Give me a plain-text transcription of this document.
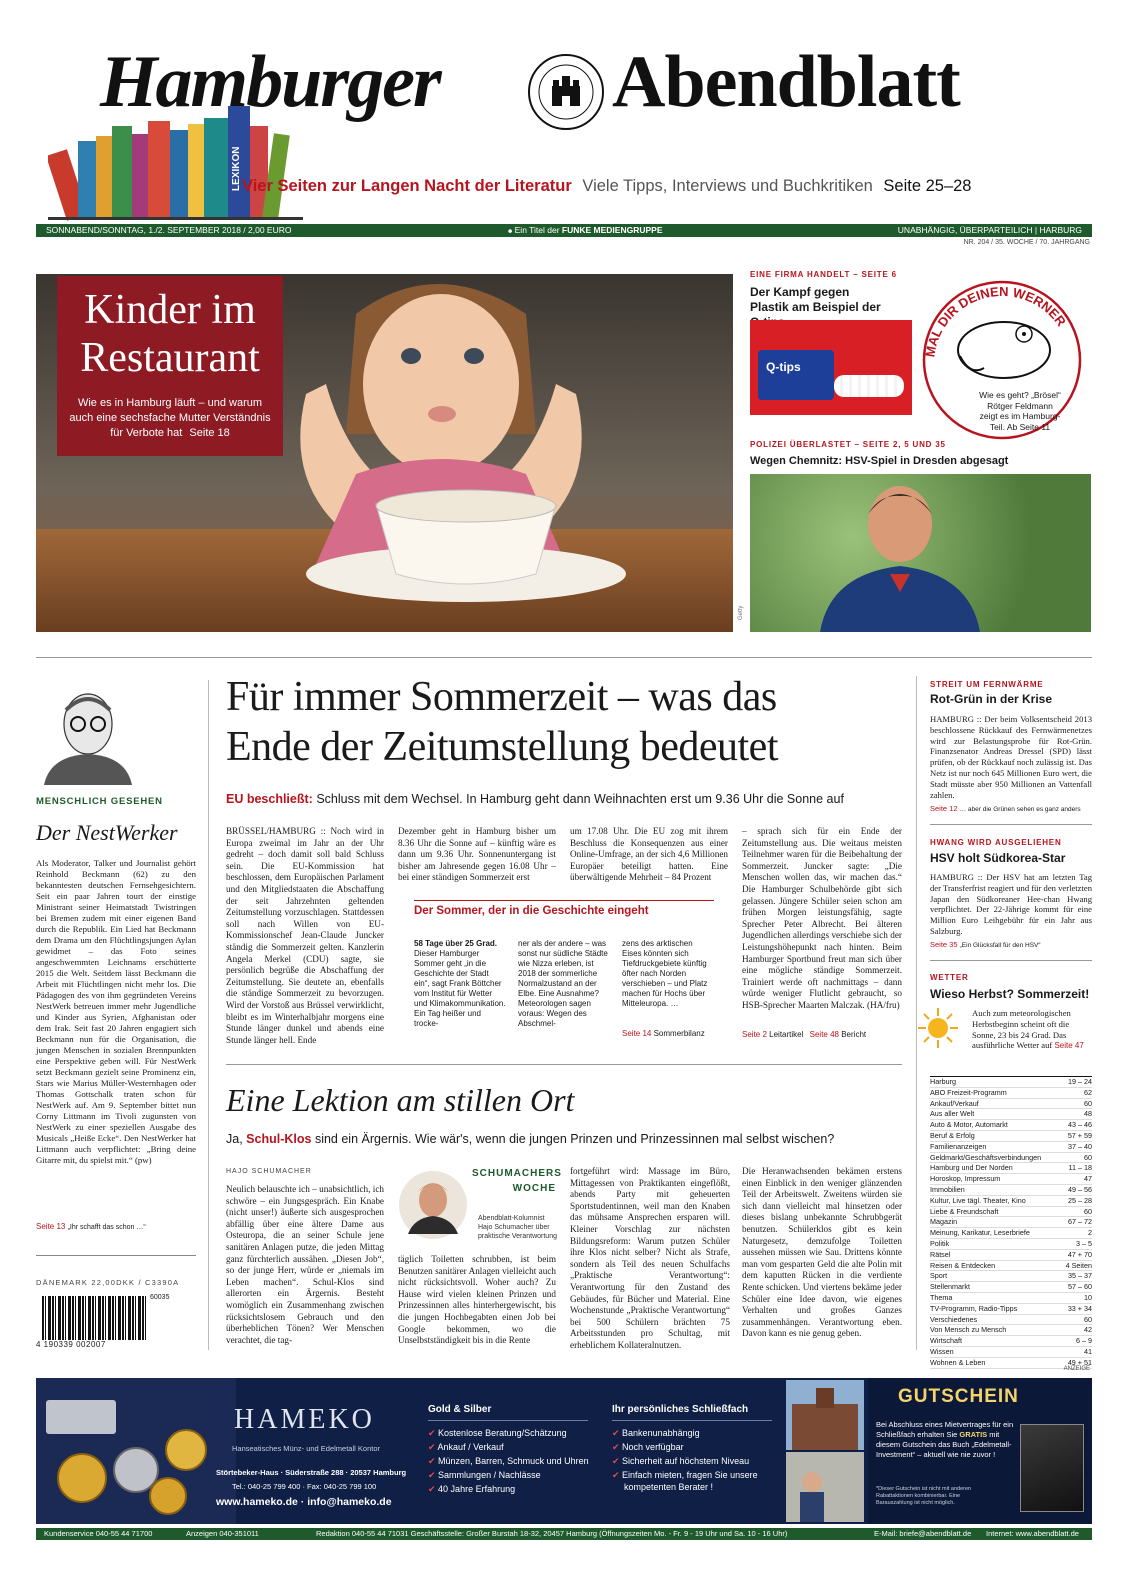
LEXIKON
Hamburger Abendblatt
Vier Seiten zur Langen Nacht der Literatur Viele Tipps, Interviews und Buchkritiken Seite 25–28
SONNABEND/SONNTAG, 1./2. SEPTEMBER 2018 / 2,00 EURO	⦁ Ein Titel der FUNKE MEDIENGRUPPE	UNABHÄNGIG, ÜBERPARTEILICH | HARBURG
NR. 204 / 35. WOCHE / 70. JAHRGANG
Kinder im
Restaurant
Wie es in Hamburg läuft – und warum auch eine sechsfache Mutter Verständnis für Verbote hat Seite 18
Getty
EINE FIRMA HANDELT – SEITE 6
Der Kampf gegen Plastik am Beispiel der
Q-tips
MAL DIR DEINEN WERNER
Wie es geht? „Brösel“ Rötger Feldmann zeigt es im Hamburg-Teil. Ab Seite 11
POLIZEI ÜBERLASTET – SEITE 2, 5 UND 35
Wegen Chemnitz: HSV-Spiel in Dresden abgesagt
MENSCHLICH GESEHEN
Der NestWerker
Als Moderator, Talker und Journalist gehört Reinhold Beckmann (62) zu den bekanntesten deutschen Fernsehgesichtern. Seit ein paar Jahren tourt der einstige Ministrant seiner Heimatstadt Twistringen bei Bremen zudem mit einer eigenen Band durch die Republik. Ein Lied hat Beckmann dem Drama um den Flüchtlingsjungen Aylan gewidmet – das Foto seines angeschwemmten Leichnams erschütterte 2015 die Welt. Seitdem lässt Beckmann die Arbeit mit Flüchtlingen nicht mehr los. Die Pädagogen des von ihm gegründeten Vereins NestWerk betreuen immer mehr Jugendliche und Kinder aus Syrien, Afghanistan oder dem Irak. Seit fast 20 Jahren engagiert sich Beckmann nun für die Organisation, die jungen Menschen in sozialen Brennpunkten eine Perspektive geben will. Für NestWerk setzt Beckmann gezielt seine Prominenz ein, Stars wie Marius Müller-Westernhagen oder Thomas Gottschalk traten schon für NestWerk auf. Am 9. September bittet nun Corny Littmann im Tivoli zugunsten von NestWerk zu einer speziellen Ausgabe des Musicals „Heiße Ecke“. Den NestWerker hat Littmann auch verpflichtet: „Bring deine Gitarre mit, du spielst mit.“ (pw)
Seite 13 „Ihr schafft das schon …“
DÄNEMARK 22,00DKK / C3390A
60035
4 190339 002007
Für immer Sommerzeit – was das
Ende der Zeitumstellung bedeutet
EU beschließt: Schluss mit dem Wechsel. In Hamburg geht dann Weihnachten erst um 9.36 Uhr die Sonne auf
BRÜSSEL/HAMBURG :: Noch wird in Europa zweimal im Jahr an der Uhr gedreht – doch damit soll bald Schluss sein. Die EU-Kommission hat beschlossen, dem Europäischen Parlament und den Mitgliedstaaten die Abschaffung der seit Jahrzehnten geltenden Zeitumstellung vorzuschlagen. Stattdessen soll nach Willen von EU-Kommissionschef Jean-Claude Juncker ständig die Sommerzeit gelten. Kanzlerin Angela Merkel (CDU) sagte, sie persönlich begrüße die Abschaffung der Zeitumstellung. Sie deutete an, ebenfalls die ständige Sommerzeit zu bevorzugen. Wird der Vorstoß aus Brüssel verwirklicht, bleibt es im Winterhalbjahr morgens eine Stunde länger dunkel und abends eine Stunde länger hell. Ende
Dezember geht in Hamburg bisher um 8.36 Uhr die Sonne auf – künftig wäre es dann um 9.36 Uhr. Sonnenuntergang ist bisher am Jahresende gegen 16.08 Uhr – bei einer ständigen Sommerzeit erst
um 17.08 Uhr. Die EU zog mit ihrem Beschluss die Konsequenzen aus einer Online-Umfrage, an der sich 4,6 Millionen Europäer beteiligt hatten. Eine überwältigende Mehrheit – 84 Prozent
– sprach sich für ein Ende der Zeitumstellung aus. Die weitaus meisten Teilnehmer waren für die Beibehaltung der Sommerzeit. Juncker sagte: „Die Menschen wollen das, wir machen das.“ Die Hamburger Schulbehörde gibt sich gelassen. Jüngere Schüler seien schon am frühen Morgen leistungsfähig, sagte Sprecher Peter Albrecht. Bei älteren Jugendlichen allerdings verschiebe sich der Leistungshöhepunkt nach hinten. Beim Hamburger Sportbund freut man sich über eine mögliche ständige Sommerzeit. Trainiert werde oft nachmittags – dann würde weniger Flutlicht gebraucht, so HSB-Sprecher Maarten Malczak. (HA/fru)
Der Sommer, der in die Geschichte eingeht
58 Tage über 25 Grad. Dieser Hamburger Sommer geht „in die Geschichte der Stadt ein“, sagt Frank Böttcher vom Institut für Wetter und Klimakommunikation. Ein Tag heißer und trocke-
ner als der andere – was sonst nur südliche Städte wie Nizza erleben, ist 2018 der sommerliche Normalzustand an der Elbe. Eine Ausnahme? Meteorologen sagen voraus: Wegen des Abschmel-
zens des arktischen Eises könnten sich Tiefdruckgebiete künftig öfter nach Norden verschieben – und Platz machen für Hochs über Mitteleuropa. …
Seite 14 Sommerbilanz	Seite 2 Leitartikel Seite 48 Bericht
Eine Lektion am stillen Ort
Ja, Schul-Klos sind ein Ärgernis. Wie wär's, wenn die jungen Prinzen und Prinzessinnen mal selbst wischen?
HAJO SCHUMACHER
Neulich belauschte ich – unabsichtlich, ich schwöre – ein Jungsgespräch. Ein Knabe (nicht unser!) äußerte sich ausgesprochen abfällig über eine ältere Dame aus Osteuropa, die an seiner Schule jene sanitären Anlagen putze, die jeden Mittag ganz fürchterlich aussähen. „Diesen Job“, so der junge Herr, würde er „niemals im Leben machen“. Schul-Klos sind allerorten ein Ärgernis. Besteht womöglich ein Zusammenhang zwischen rücksichtslosem Gebrauch und den überheblichen Tönen? Wer Menschen verachtet, die tag-
SCHUMACHERS
WOCHE
Abendblatt-Kolumnist Hajo Schumacher über praktische Verantwortung
täglich Toiletten schrubben, ist beim Benutzen sanitärer Anlagen vielleicht auch nicht rücksichtsvoll. Woher auch? Zu Hause wird vielen kleinen Prinzen und Prinzessinnen alles hinterhergewischt, bis die jungen Hochbegabten einen Job bei Google bekommen, wo die Unselbstständigkeit bis in die Rente
fortgeführt wird: Massage im Büro, Mittagessen von Praktikanten eingeflößt, abends Party mit geheuerten Sportstudentinnen, weil man den Knaben das mühsame Ansprechen ersparen will. Kleiner Vorschlag zur nächsten Bildungsreform: Warum putzen Schüler ihre Klos nicht selber? Nicht als Strafe, sondern als Teil des neuen Schulfachs „Praktische Verantwortung“: Verantwortung für den Zustand des Gebäudes, für Bücher und Material. Eine Wochenstunde „Praktische Verantwortung“ bei 500 Schülern brächten 75 Arbeitsstunden pro Schultag, mit erheblichem Kollateralnutzen.
Die Heranwachsenden bekämen erstens einen Einblick in den weniger glänzenden Teil der Arbeitswelt. Zweitens würden sie sich dann vielleicht mal hinsetzen oder dieses bislang unbekannte Schrubbgerät benutzen. Schülerklos gibt es kein Naturgesetz, demzufolge Toiletten aussehen müssen wie Sau. Drittens könnte man vom gesparten Geld die alte Polin mit dem kaputten Rücken in die verdiente Rente schicken. Und viertens bekäme jeder Schüler eine Idee davon, wie eigenes Verhalten und großes Ganzes zusammenhängen. Verantwortung eben. Davon kann es nie genug geben.
STREIT UM FERNWÄRME
Rot-Grün in der Krise
HAMBURG :: Der beim Volksentscheid 2013 beschlossene Rückkauf des Fernwärmenetzes wird zur Belastungsprobe für Rot-Grün. Finanzsenator Andreas Dressel (SPD) lässt prüfen, ob der Rückkauf noch zulässig ist. Das Netz ist nur noch 645 Millionen Euro wert, die Stadt müsste aber 950 Millionen an Vattenfall zahlen.
Seite 12 … aber die Grünen sehen es ganz anders
HWANG WIRD AUSGELIEHEN
HSV holt Südkorea-Star
HAMBURG :: Der HSV hat am letzten Tag der Transferfrist reagiert und für den verletzten Japan den Südkoreaner Hee-chan Hwang verpflichtet. Der 22-Jährige kommt für eine Million Euro Leihgebühr für ein Jahr aus Salzburg.
Seite 35 „Ein Glücksfall für den HSV“
WETTER
Wieso Herbst? Sommerzeit!
Auch zum meteorologischen Herbstbeginn scheint oft die Sonne, 23 bis 24 Grad. Das ausführliche Wetter auf Seite 47
Harburg	19 – 24
ABO Freizeit-Programm	62
Ankauf/Verkauf	60
Aus aller Welt	48
Auto & Motor, Automarkt	43 – 46
Beruf & Erfolg	57 + 59
Familienanzeigen	37 – 40
Geldmarkt/Geschäftsverbindungen	60
Hamburg und Der Norden	11 – 18
Horoskop, Impressum	47
Immobilien	49 – 56
Kultur, Live tägl. Theater, Kino	25 – 28
Liebe & Freundschaft	60
Magazin	67 – 72
Meinung, Karikatur, Leserbriefe	2
Politik	3 – 5
Rätsel	47 + 70
Reisen & Entdecken	4 Seiten
Sport	35 – 37
Stellenmarkt	57 – 60
Thema	10
TV-Programm, Radio-Tipps	33 + 34
Verschiedenes	60
Von Mensch zu Mensch	42
Wirtschaft	6 – 9
Wissen	41
Wohnen & Leben	49 + 51
ANZEIGE
HAMEKO
Hanseatisches Münz- und Edelmetall Kontor
Störtebeker-Haus · Süderstraße 288 · 20537 Hamburg
Tel.: 040-25 799 400 · Fax: 040-25 799 100
www.hameko.de · info@hameko.de
Gold & Silber
✔ Kostenlose Beratung/Schätzung
✔ Ankauf / Verkauf
✔ Münzen, Barren, Schmuck und Uhren
✔ Sammlungen / Nachlässe
✔ 40 Jahre Erfahrung
Ihr persönliches Schließfach
✔ Bankenunabhängig
✔ Noch verfügbar
✔ Sicherheit auf höchstem Niveau
✔ Einfach mieten, fragen Sie unsere
kompetenten Berater !
GUTSCHEIN
Bei Abschluss eines Mietvertrages für ein Schließfach erhalten Sie GRATIS mit diesem Gutschein das Buch „Edelmetall-Investment“ – aktuell wie nie zuvor !
*Dieser Gutschein ist nicht mit anderen Rabattaktionen kombinierbar. Eine Barauszahlung ist nicht möglich.
Kundenservice 040-55 44 71700	Anzeigen 040-351011	Redaktion 040-55 44 71031 Geschäftsstelle: Großer Burstah 18-32, 20457 Hamburg (Öffnungszeiten Mo. - Fr. 9 - 19 Uhr und Sa. 10 - 16 Uhr)	E-Mail: briefe@abendblatt.de Internet: www.abendblatt.de
